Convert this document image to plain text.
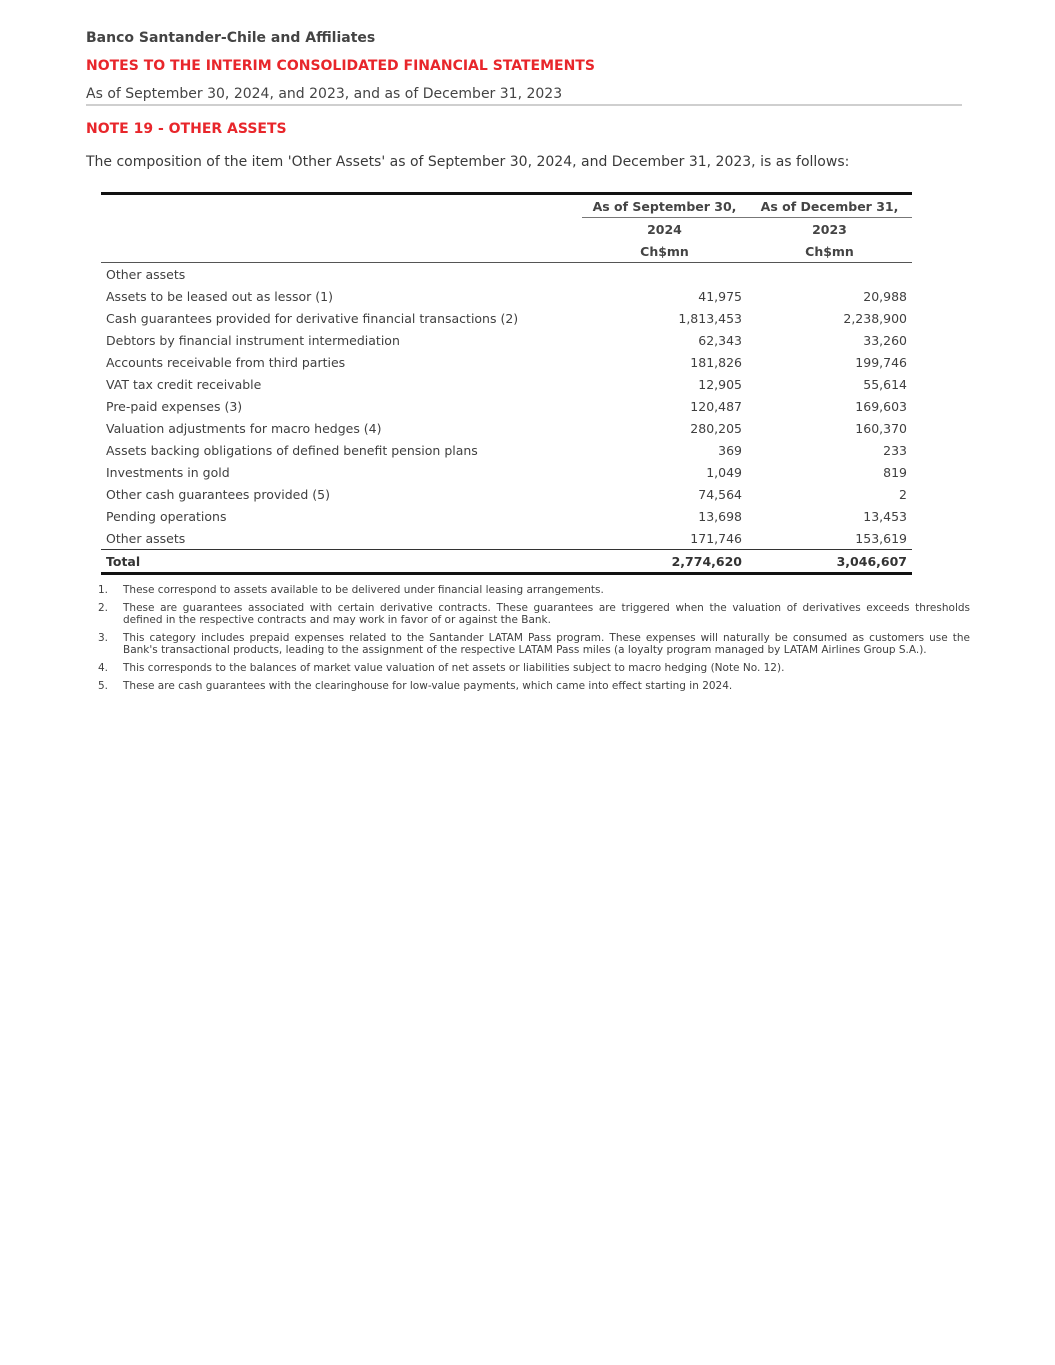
Banco Santander-Chile and Affiliates
NOTES TO THE INTERIM CONSOLIDATED FINANCIAL STATEMENTS
As of September 30, 2024, and 2023, and as of December 31, 2023
NOTE 19 - OTHER ASSETS
The composition of the item 'Other Assets' as of September 30, 2024, and December 31, 2023, is as follows:
	As of September 30,	As of December 31,
	2024	2023
	Ch$mn	Ch$mn
Other assets		
Assets to be leased out as lessor (1)	41,975	20,988
Cash guarantees provided for derivative financial transactions (2)	1,813,453	2,238,900
Debtors by financial instrument intermediation	62,343	33,260
Accounts receivable from third parties	181,826	199,746
VAT tax credit receivable	12,905	55,614
Pre-paid expenses (3)	120,487	169,603
Valuation adjustments for macro hedges (4)	280,205	160,370
Assets backing obligations of defined benefit pension plans	369	233
Investments in gold	1,049	819
Other cash guarantees provided (5)	74,564	2
Pending operations	13,698	13,453
Other assets	171,746	153,619
Total	2,774,620	3,046,607
1.	These correspond to assets available to be delivered under financial leasing arrangements.
2.	These are guarantees associated with certain derivative contracts. These guarantees are triggered when the valuation of derivatives exceeds thresholds defined in the respective contracts and may work in favor of or against the Bank.
3.	This category includes prepaid expenses related to the Santander LATAM Pass program. These expenses will naturally be consumed as customers use the Bank's transactional products, leading to the assignment of the respective LATAM Pass miles (a loyalty program managed by LATAM Airlines Group S.A.).
4.	This corresponds to the balances of market value valuation of net assets or liabilities subject to macro hedging (Note No. 12).
5.	These are cash guarantees with the clearinghouse for low-value payments, which came into effect starting in 2024.
